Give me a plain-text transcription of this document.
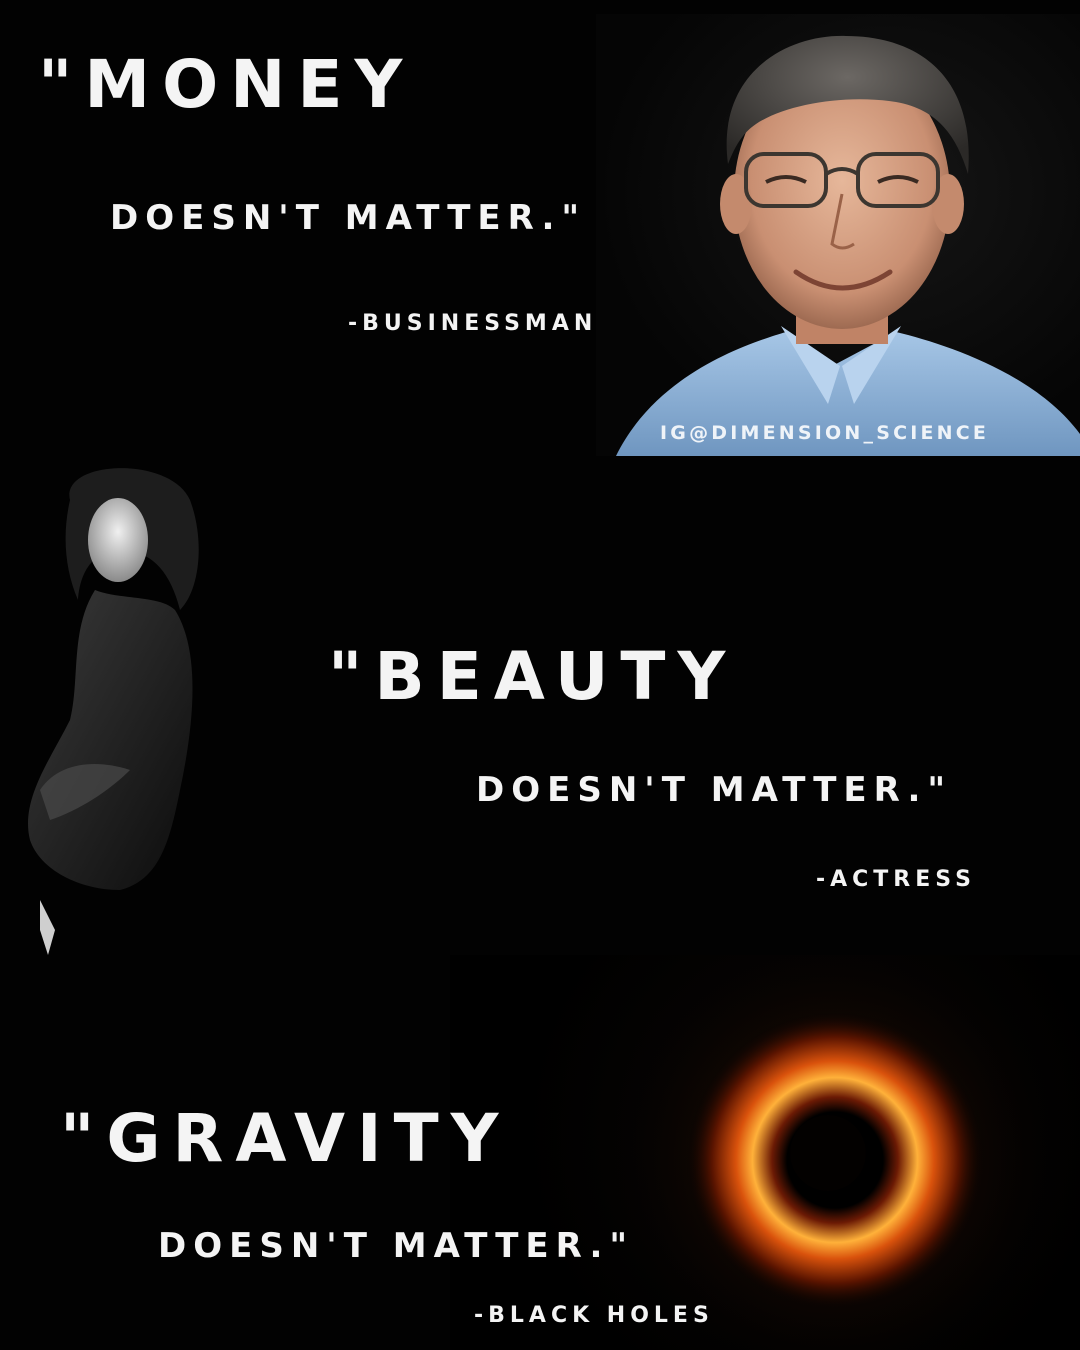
IG@DIMENSION_SCIENCE
"MONEY
DOESN'T MATTER."
-BUSINESSMAN
"BEAUTY
DOESN'T MATTER."
-ACTRESS
"GRAVITY
DOESN'T MATTER."
-BLACK HOLES
